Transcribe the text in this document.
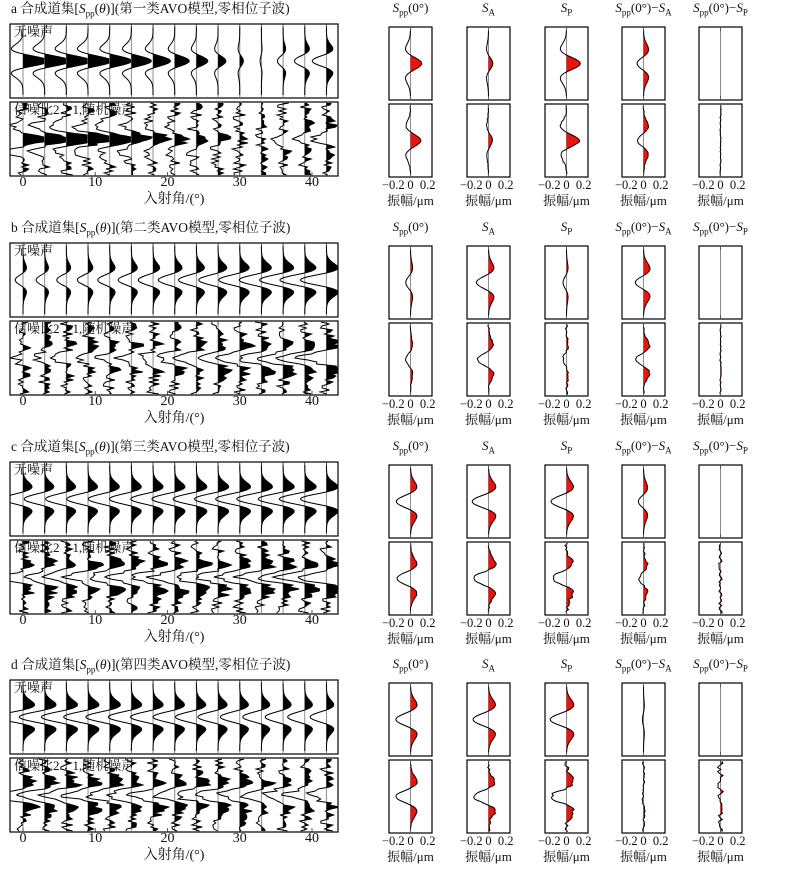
a 合成道集$[S_{pp}(\theta)]$(第一类AVO模型,零相位子波)
无噪声
信噪比2∶1,随机噪声
入射角/(°)
$S_{pp}(0^\circ)$	$S_A$	$S_P$	$S_{pp}(0^\circ)-S_A$	$S_{pp}(0^\circ)-S_P$
0	10	20	30	40	−0.2 0 0.2
振幅/μm
−0.2 0 0.2
振幅/μm
−0.2 0 0.2
振幅/μm
−0.2 0 0.2
振幅/μm
−0.2 0 0.2
振幅/μm
b 合成道集$[S_{pp}(\theta)]$(第二类AVO模型,零相位子波)
无噪声
信噪比2∶1,随机噪声
入射角/(°)
$S_{pp}(0^\circ)$	$S_A$	$S_P$	$S_{pp}(0^\circ)-S_A$	$S_{pp}(0^\circ)-S_P$
0	10	20	30	40	−0.2 0 0.2
振幅/μm
−0.2 0 0.2
振幅/μm
−0.2 0 0.2
振幅/μm
−0.2 0 0.2
振幅/μm
−0.2 0 0.2
振幅/μm
c 合成道集$[S_{pp}(\theta)]$(第三类AVO模型,零相位子波)
无噪声
信噪比2∶1,随机噪声
入射角/(°)
$S_{pp}(0^\circ)$	$S_A$	$S_P$	$S_{pp}(0^\circ)-S_A$	$S_{pp}(0^\circ)-S_P$
0	10	20	30	40	−0.2 0 0.2
振幅/μm
−0.2 0 0.2
振幅/μm
−0.2 0 0.2
振幅/μm
−0.2 0 0.2
振幅/μm
−0.2 0 0.2
振幅/μm
d 合成道集$[S_{pp}(\theta)]$(第四类AVO模型,零相位子波)
无噪声
信噪比2∶1,随机噪声
入射角/(°)
$S_{pp}(0^\circ)$	$S_A$	$S_P$	$S_{pp}(0^\circ)-S_A$	$S_{pp}(0^\circ)-S_P$
0	10	20	30	40	−0.2 0 0.2
振幅/μm
−0.2 0 0.2
振幅/μm
−0.2 0 0.2
振幅/μm
−0.2 0 0.2
振幅/μm
−0.2 0 0.2
振幅/μm
